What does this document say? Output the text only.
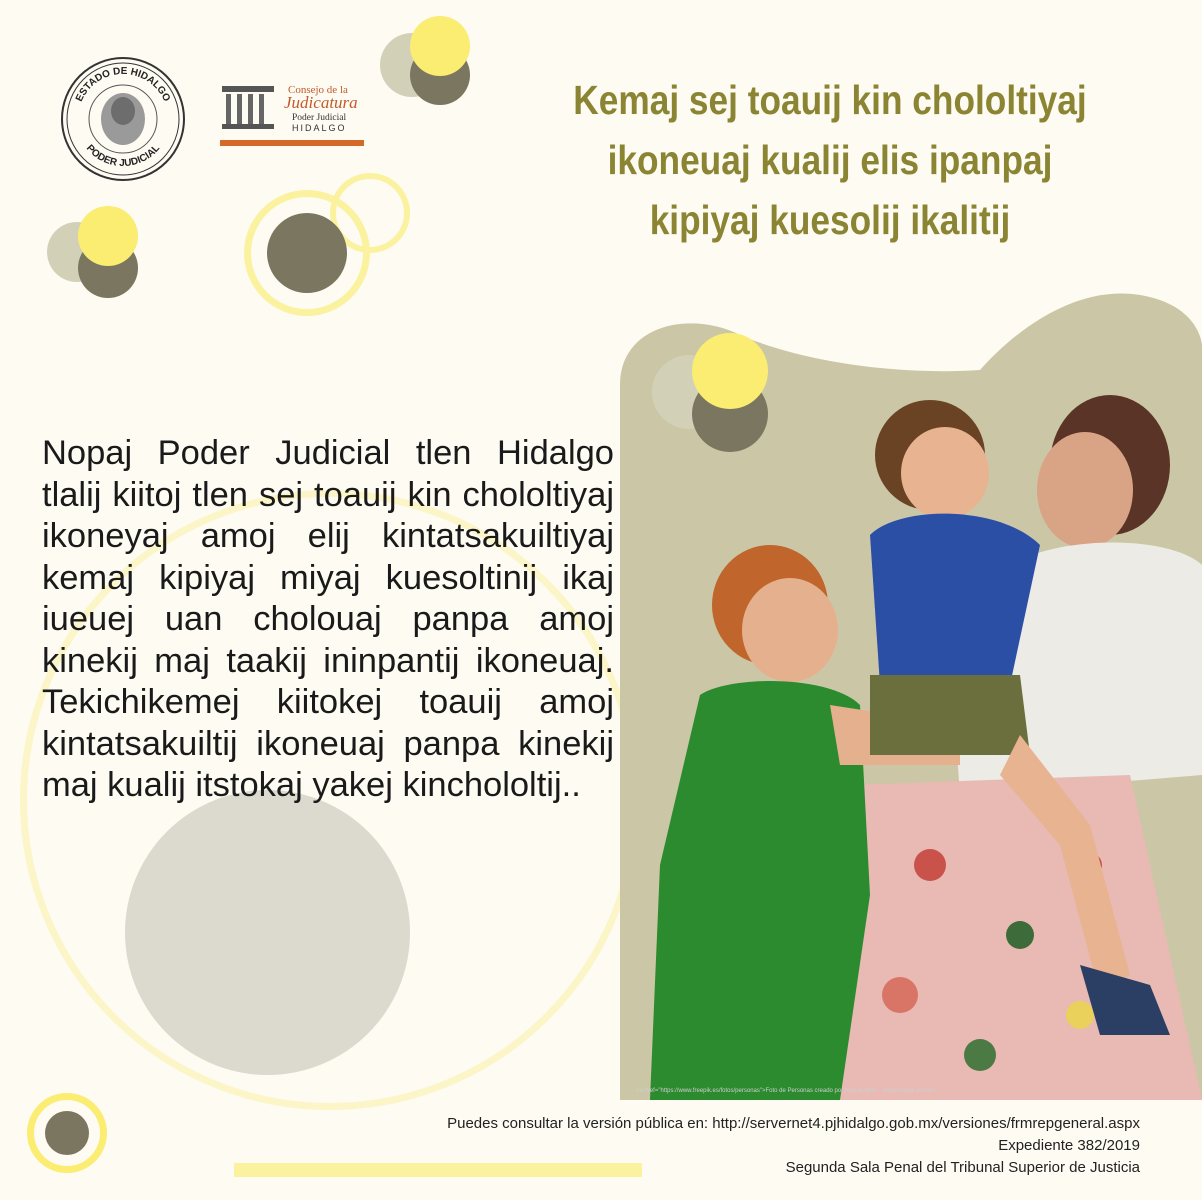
<a href="https://www.freepik.es/fotos/personas">Foto de Personas creado por freepik.diller - www.freepik.es</a>
ESTADO DE HIDALGO
PODER JUDICIAL
Consejo de la
Judicatura
Poder Judicial
HIDALGO
Kemaj sej toauij kin chololtiyaj
ikoneuaj kualij elis ipanpaj
kipiyaj kuesolij ikalitij
Nopaj Poder Judicial tlen Hidalgo tlalij kiitoj tlen sej toauij kin chololtiyaj ikoneyaj amoj elij kintatsakuiltiyaj kemaj kipiyaj miyaj kuesoltinij ikaj iueuej uan cholouaj panpa amoj kinekij maj taakij ininpantij ikoneuaj. Tekichikemej kiitokej toauij amoj kintatsakuiltij ikoneuaj panpa kinekij maj kualij itstokaj yakej kinchololtij..
Puedes consultar la versión pública en: http://servernet4.pjhidalgo.gob.mx/versiones/frmrepgeneral.aspx
Expediente 382/2019
Segunda Sala Penal del Tribunal Superior de Justicia
